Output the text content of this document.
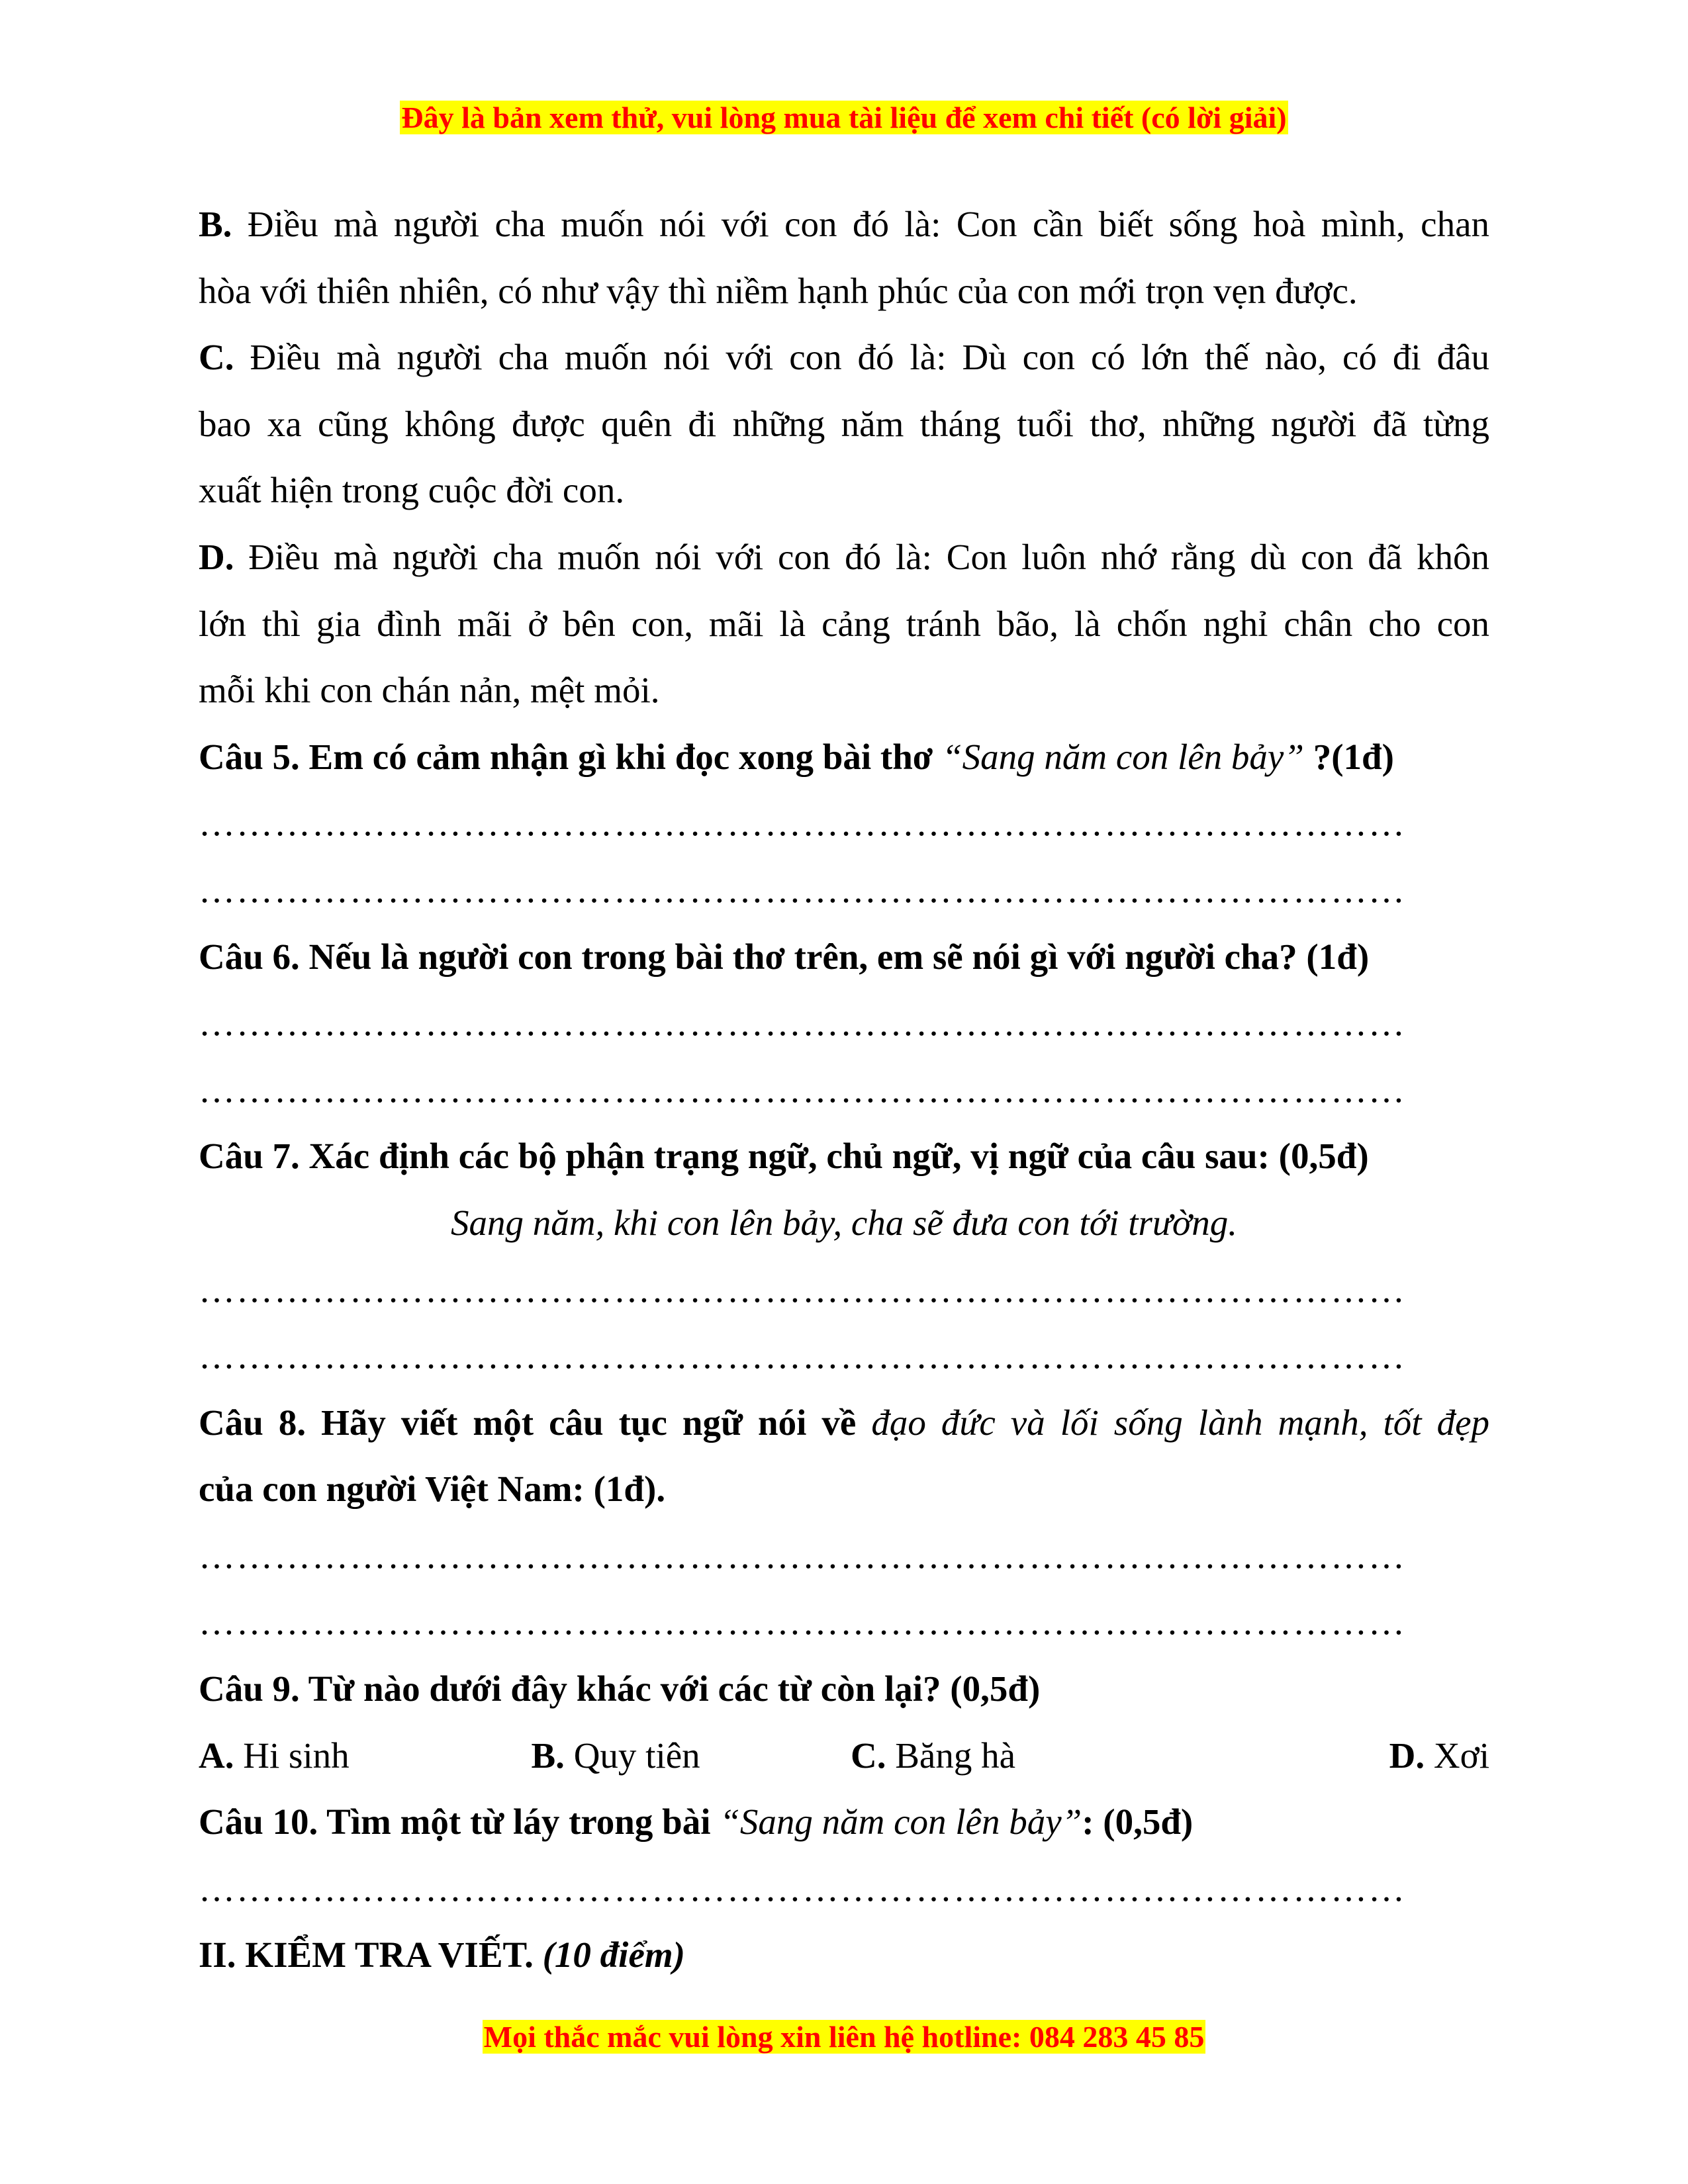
Đây là bản xem thử, vui lòng mua tài liệu để xem chi tiết (có lời giải)

B. Điều mà người cha muốn nói với con đó là: Con cần biết sống hoà mình, chan

hòa với thiên nhiên, có như vậy thì niềm hạnh phúc của con mới trọn vẹn được.

C. Điều mà người cha muốn nói với con đó là: Dù con có lớn thế nào, có đi đâu

bao xa cũng không được quên đi những năm tháng tuổi thơ, những người đã từng

xuất hiện trong cuộc đời con.

D. Điều mà người cha muốn nói với con đó là: Con luôn nhớ rằng dù con đã khôn

lớn thì gia đình mãi ở bên con, mãi là cảng tránh bão, là chốn nghỉ chân cho con

mỗi khi con chán nản, mệt mỏi.

Câu 5. Em có cảm nhận gì khi đọc xong bài thơ “Sang năm con lên bảy” ?(1đ)

……………………………………………………………………………………

……………………………………………………………………………………

Câu 6. Nếu là người con trong bài thơ trên, em sẽ nói gì với người cha? (1đ)

……………………………………………………………………………………

……………………………………………………………………………………

Câu 7. Xác định các bộ phận trạng ngữ, chủ ngữ, vị ngữ của câu sau: (0,5đ)

Sang năm, khi con lên bảy, cha sẽ đưa con tới trường.

……………………………………………………………………………………

……………………………………………………………………………………

Câu 8. Hãy viết một câu tục ngữ nói về đạo đức và lối sống lành mạnh, tốt đẹp

của con người Việt Nam: (1đ).

……………………………………………………………………………………

……………………………………………………………………………………

Câu 9. Từ nào dưới đây khác với các từ còn lại? (0,5đ)

A. Hi sinh	B. Quy tiên	C. Băng hà	D. Xơi

Câu 10. Tìm một từ láy trong bài “Sang năm con lên bảy”: (0,5đ)

……………………………………………………………………………………

II. KIỂM TRA VIẾT. (10 điểm)

Mọi thắc mắc vui lòng xin liên hệ hotline: 084 283 45 85
